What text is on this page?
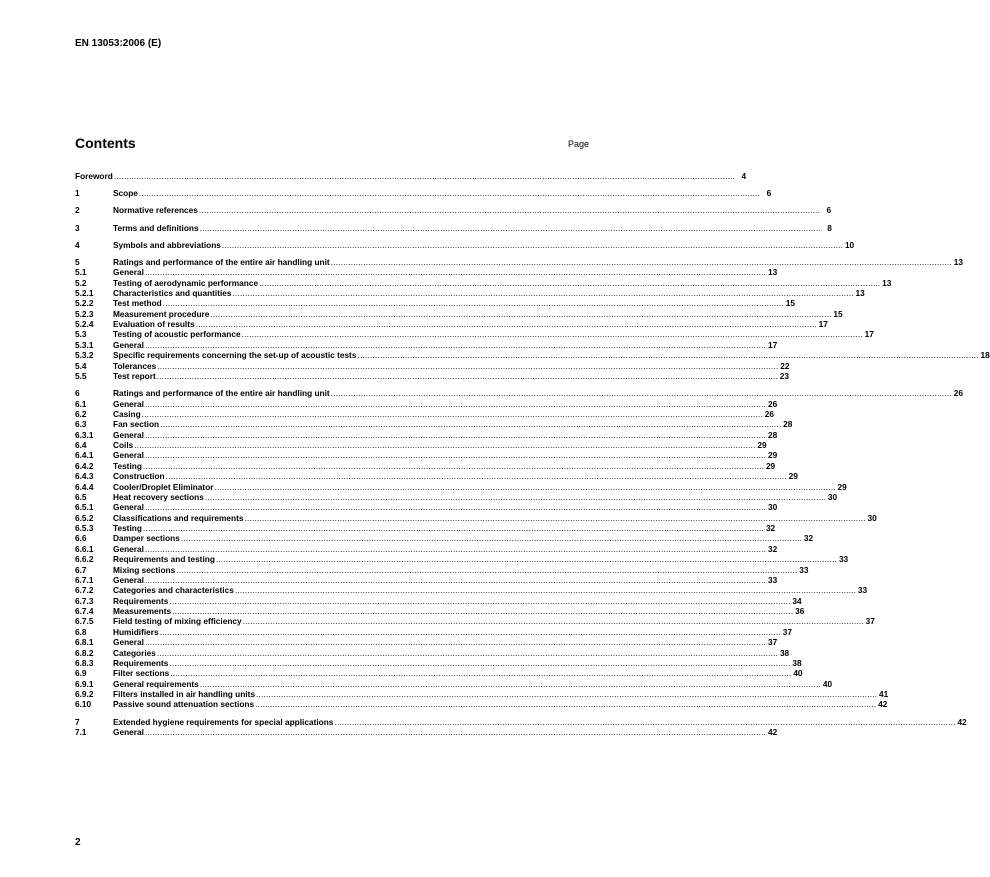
EN 13053:2006 (E)
Contents	Page
Foreword .....	4
1	Scope .....	6
2	Normative references .....	6
3	Terms and definitions .....	8
4	Symbols and abbreviations .....	10
5	Ratings and performance of the entire air handling unit .....	13
5.1	General .....	13
5.2	Testing of aerodynamic performance .....	13
5.2.1	Characteristics and quantities .....	13
5.2.2	Test method .....	15
5.2.3	Measurement procedure .....	15
5.2.4	Evaluation of results .....	17
5.3	Testing of acoustic performance .....	17
5.3.1	General .....	17
5.3.2	Specific requirements concerning the set-up of acoustic tests .....	18
5.4	Tolerances .....	22
5.5	Test report .....	23
6	Ratings and performance of the entire air handling unit .....	26
6.1	General .....	26
6.2	Casing .....	26
6.3	Fan section .....	28
6.3.1	General .....	28
6.4	Coils .....	29
6.4.1	General .....	29
6.4.2	Testing .....	29
6.4.3	Construction .....	29
6.4.4	Cooler/Droplet Eliminator .....	29
6.5	Heat recovery sections .....	30
6.5.1	General .....	30
6.5.2	Classifications and requirements .....	30
6.5.3	Testing .....	32
6.6	Damper sections .....	32
6.6.1	General .....	32
6.6.2	Requirements and testing .....	33
6.7	Mixing sections .....	33
6.7.1	General .....	33
6.7.2	Categories and characteristics .....	33
6.7.3	Requirements .....	34
6.7.4	Measurements .....	36
6.7.5	Field testing of mixing efficiency .....	37
6.8	Humidifiers .....	37
6.8.1	General .....	37
6.8.2	Categories .....	38
6.8.3	Requirements .....	38
6.9	Filter sections .....	40
6.9.1	General requirements .....	40
6.9.2	Filters installed in air handling units .....	41
6.10	Passive sound attenuation sections .....	42
7	Extended hygiene requirements for special applications .....	42
7.1	General .....	42
2
